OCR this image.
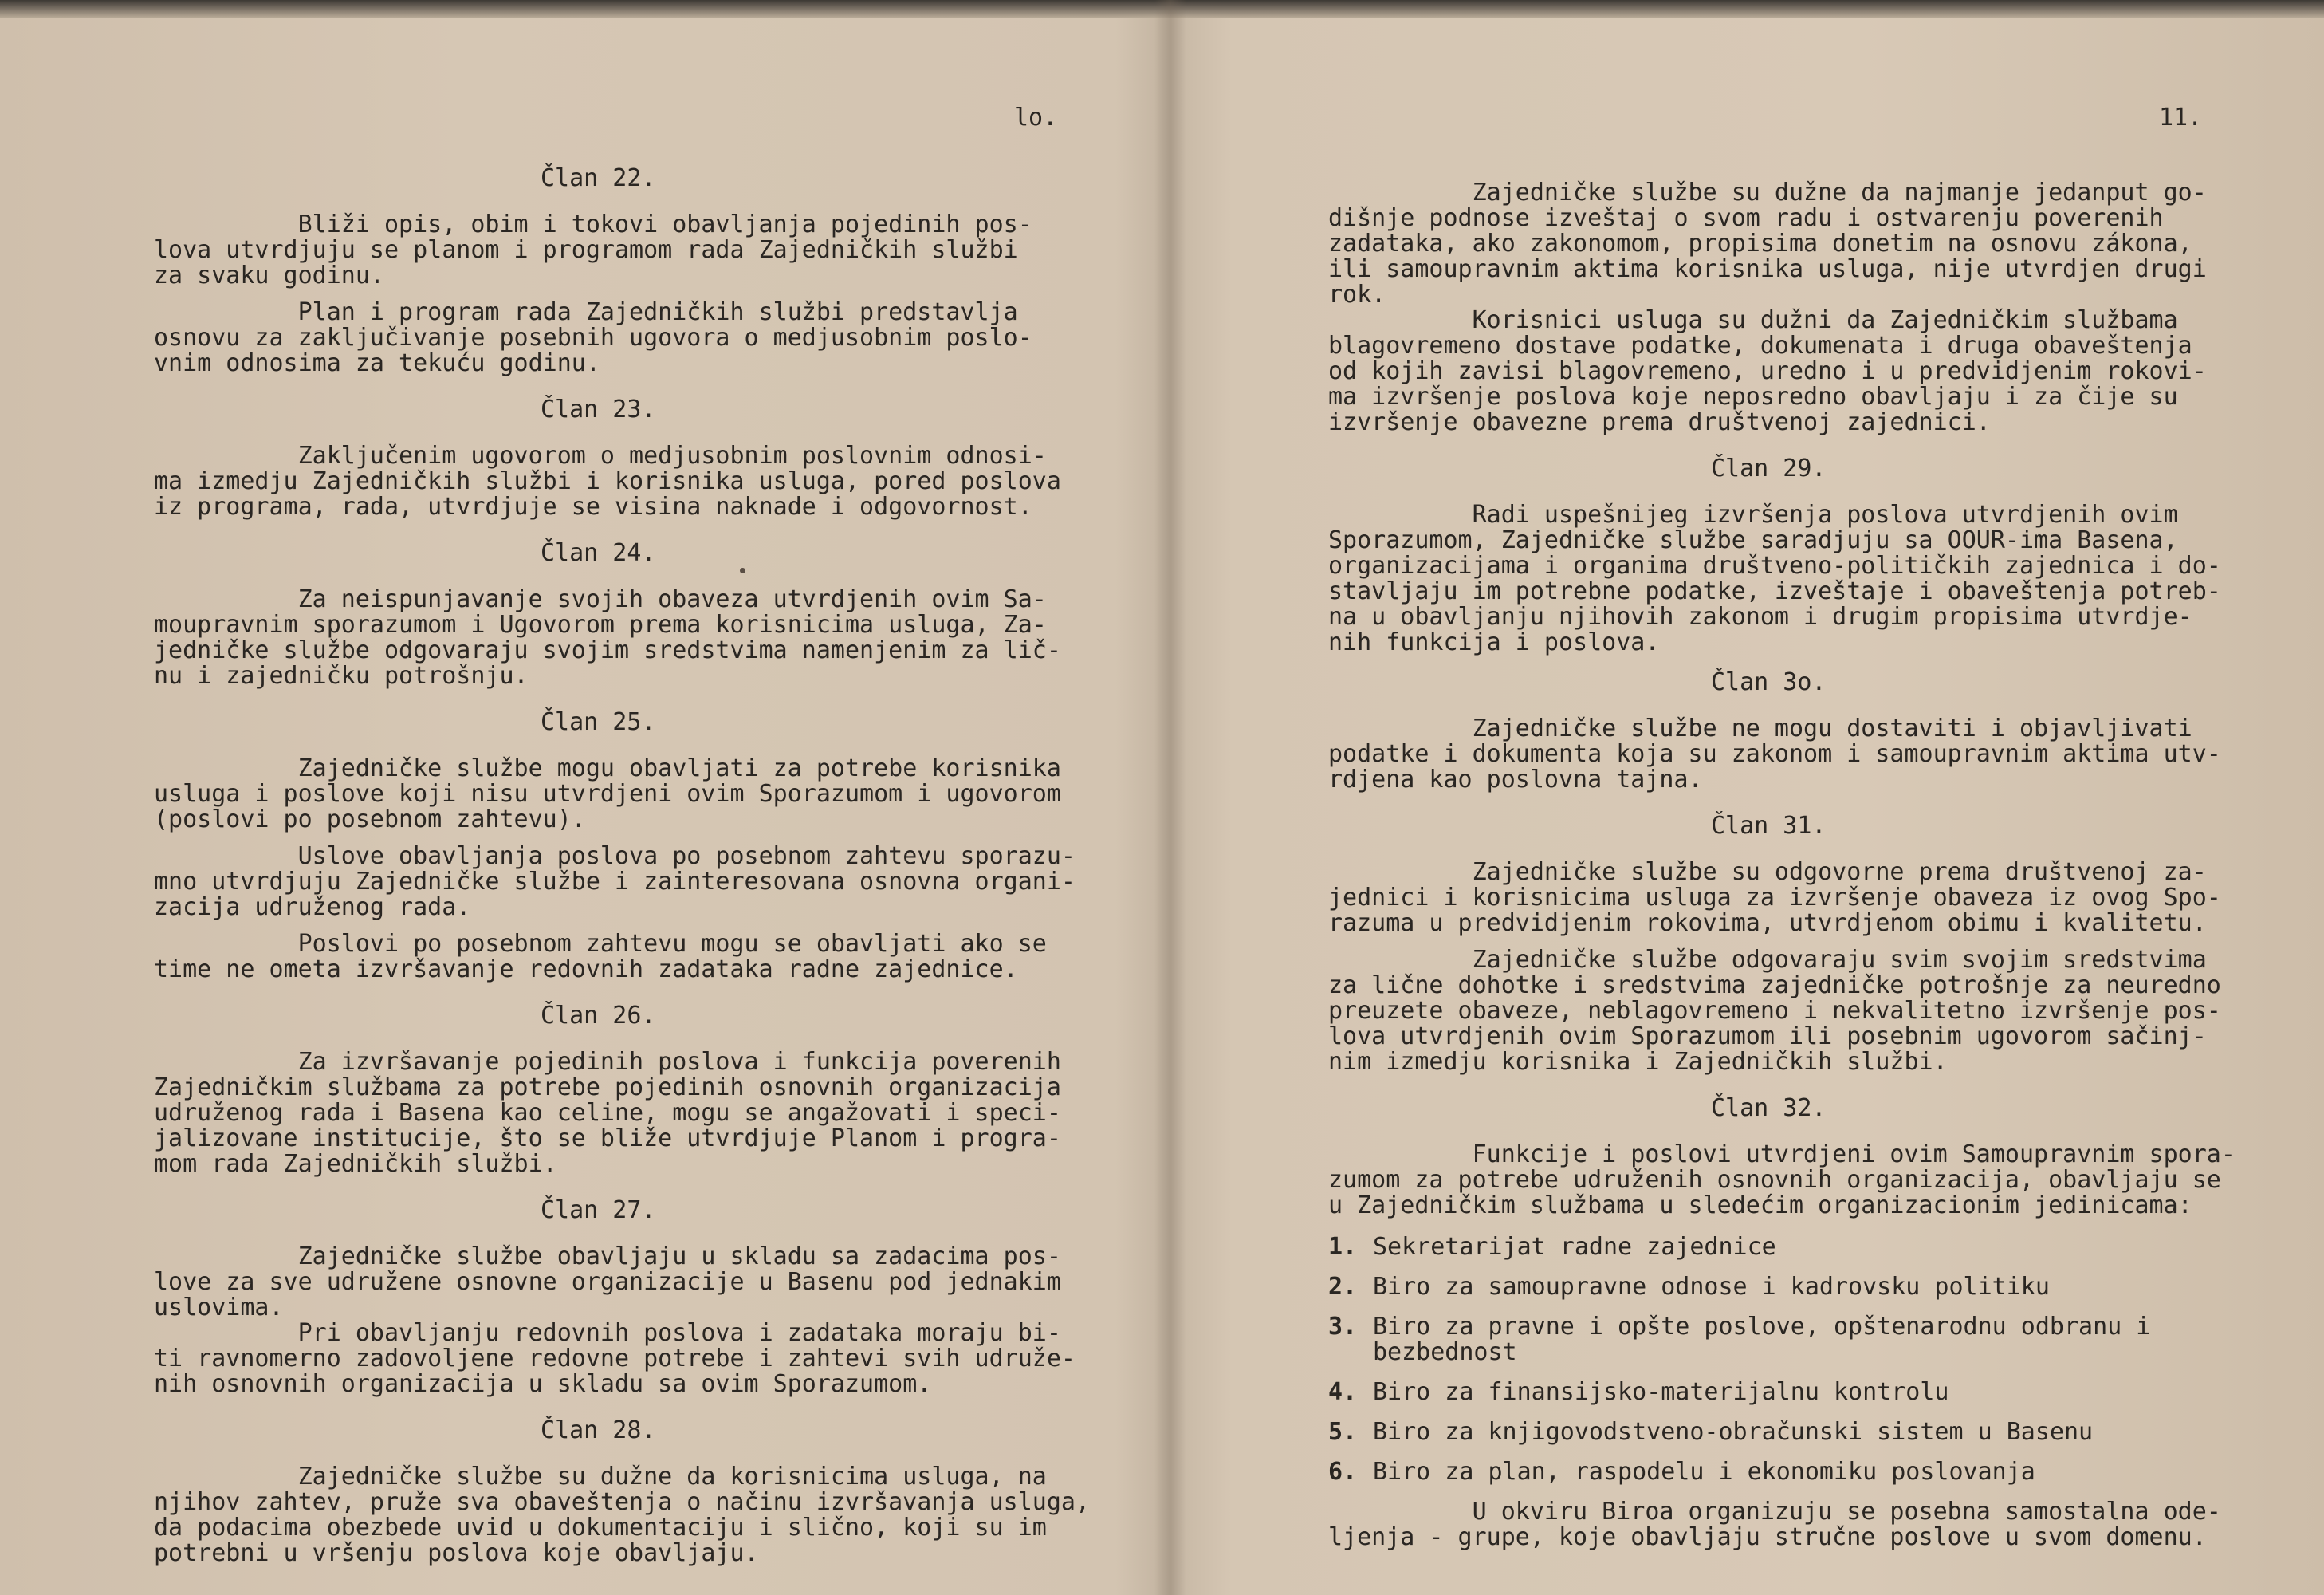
lo.
Član 22.
Bliži opis, obim i tokovi obavljanja pojedinih pos-
lova utvrdjuju se planom i programom rada Zajedničkih službi
za svaku godinu.
Plan i program rada Zajedničkih službi predstavlja
osnovu za zaključivanje posebnih ugovora o medjusobnim poslo-
vnim odnosima za tekuću godinu.
Član 23.
Zaključenim ugovorom o medjusobnim poslovnim odnosi-
ma izmedju Zajedničkih službi i korisnika usluga, pored poslova
iz programa, rada, utvrdjuje se visina naknade i odgovornost.
Član 24.
Za neispunjavanje svojih obaveza utvrdjenih ovim Sa-
moupravnim sporazumom i Ugovorom prema korisnicima usluga, Za-
jedničke službe odgovaraju svojim sredstvima namenjenim za lič-
nu i zajedničku potrošnju.
Član 25.
Zajedničke službe mogu obavljati za potrebe korisnika
usluga i poslove koji nisu utvrdjeni ovim Sporazumom i ugovorom
(poslovi po posebnom zahtevu).
Uslove obavljanja poslova po posebnom zahtevu sporazu-
mno utvrdjuju Zajedničke službe i zainteresovana osnovna organi-
zacija udruženog rada.
Poslovi po posebnom zahtevu mogu se obavljati ako se
time ne ometa izvršavanje redovnih zadataka radne zajednice.
Član 26.
Za izvršavanje pojedinih poslova i funkcija poverenih
Zajedničkim službama za potrebe pojedinih osnovnih organizacija
udruženog rada i Basena kao celine, mogu se angažovati i speci-
jalizovane institucije, što se bliže utvrdjuje Planom i progra-
mom rada Zajedničkih službi.
Član 27.
Zajedničke službe obavljaju u skladu sa zadacima pos-
love za sve udružene osnovne organizacije u Basenu pod jednakim
uslovima.
Pri obavljanju redovnih poslova i zadataka moraju bi-
ti ravnomerno zadovoljene redovne potrebe i zahtevi svih udruže-
nih osnovnih organizacija u skladu sa ovim Sporazumom.
Član 28.
Zajedničke službe su dužne da korisnicima usluga, na
njihov zahtev, pruže sva obaveštenja o načinu izvršavanja usluga,
da podacima obezbede uvid u dokumentaciju i slično, koji su im
potrebni u vršenju poslova koje obavljaju.
11.
Zajedničke službe su dužne da najmanje jedanput go-
dišnje podnose izveštaj o svom radu i ostvarenju poverenih
zadataka, ako zakonomom, propisima donetim na osnovu zákona,
ili samoupravnim aktima korisnika usluga, nije utvrdjen drugi
rok.
Korisnici usluga su dužni da Zajedničkim službama
blagovremeno dostave podatke, dokumenata i druga obaveštenja
od kojih zavisi blagovremeno, uredno i u predvidjenim rokovi-
ma izvršenje poslova koje neposredno obavljaju i za čije su
izvršenje obavezne prema društvenoj zajednici.
Član 29.
Radi uspešnijeg izvršenja poslova utvrdjenih ovim
Sporazumom, Zajedničke službe saradjuju sa OOUR-ima Basena,
organizacijama i organima društveno-političkih zajednica i do-
stavljaju im potrebne podatke, izveštaje i obaveštenja potreb-
na u obavljanju njihovih zakonom i drugim propisima utvrdje-
nih funkcija i poslova.
Član 3o.
Zajedničke službe ne mogu dostaviti i objavljivati
podatke i dokumenta koja su zakonom i samoupravnim aktima utv-
rdjena kao poslovna tajna.
Član 31.
Zajedničke službe su odgovorne prema društvenoj za-
jednici i korisnicima usluga za izvršenje obaveza iz ovog Spo-
razuma u predvidjenim rokovima, utvrdjenom obimu i kvalitetu.
Zajedničke službe odgovaraju svim svojim sredstvima
za lične dohotke i sredstvima zajedničke potrošnje za neuredno
preuzete obaveze, neblagovremeno i nekvalitetno izvršenje pos-
lova utvrdjenih ovim Sporazumom ili posebnim ugovorom sačinj-
nim izmedju korisnika i Zajedničkih službi.
Član 32.
Funkcije i poslovi utvrdjeni ovim Samoupravnim spora-
zumom za potrebe udruženih osnovnih organizacija, obavljaju se
u Zajedničkim službama u sledećim organizacionim jedinicama:
1. Sekretarijat radne zajednice
2. Biro za samoupravne odnose i kadrovsku politiku
3. Biro za pravne i opšte poslove, opštenarodnu odbranu i
bezbednost
4. Biro za finansijsko-materijalnu kontrolu
5. Biro za knjigovodstveno-obračunski sistem u Basenu
6. Biro za plan, raspodelu i ekonomiku poslovanja
U okviru Biroa organizuju se posebna samostalna ode-
ljenja - grupe, koje obavljaju stručne poslove u svom domenu.
